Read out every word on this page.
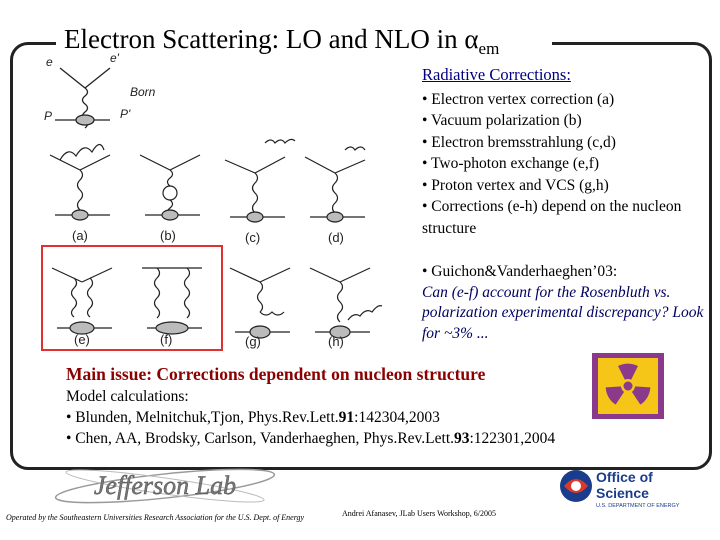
Electron Scattering: LO and NLO in $\alpha_{em}$
e	e'
Born
P	P'
(a)	(b)	(c)	(d)
(e)	(f)	(g)	(h)
Radiative Corrections:
• Electron vertex correction (a)
• Vacuum polarization (b)
• Electron bremsstrahlung (c,d)
• Two-photon exchange (e,f)
• Proton vertex and VCS (g,h)
• Corrections (e-h) depend on the nucleon structure
• Guichon&Vanderhaeghen’03:
Can (e-f) account for the Rosenbluth vs. polarization experimental discrepancy? Look for ~3% ...
Main issue: Corrections dependent on nucleon structure
Model calculations:
• Blunden, Melnitchuk,Tjon, Phys.Rev.Lett.91:142304,2003
• Chen, AA, Brodsky, Carlson, Vanderhaeghen, Phys.Rev.Lett.93:122301,2004
Jefferson Lab	Office of
Science
U.S. DEPARTMENT OF ENERGY
Operated by the Southeastern Universities Research Association for the U.S. Dept. of Energy	Andrei Afanasev, JLab Users Workshop, 6/2005
